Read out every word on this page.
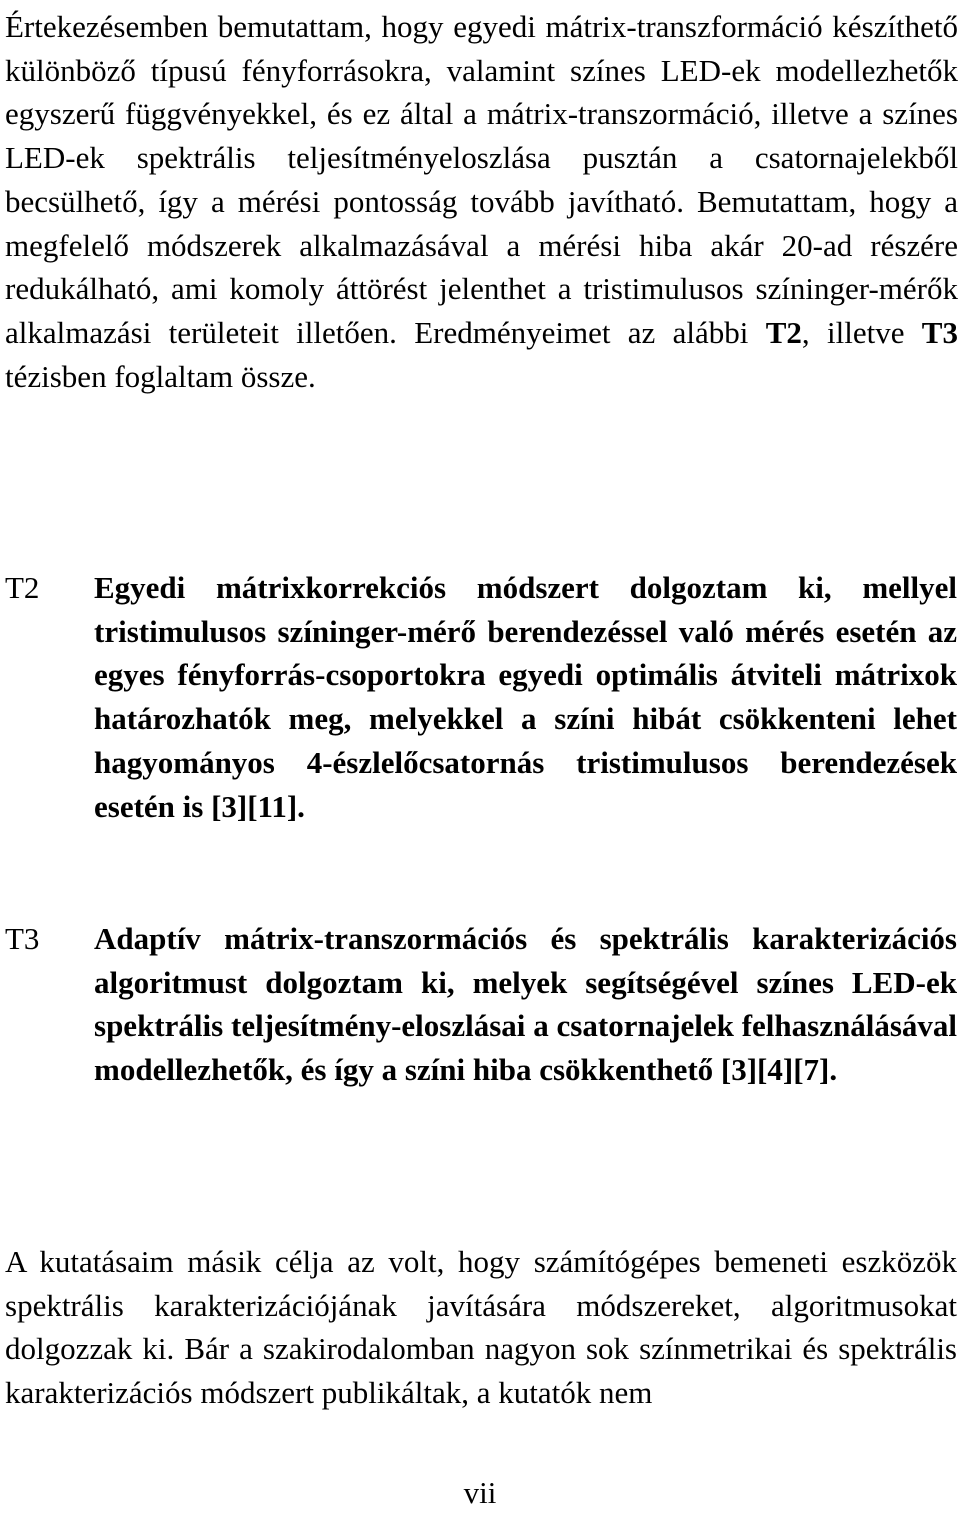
Értekezésemben bemutattam, hogy egyedi mátrix-transzformáció készíthető különböző típusú fényforrásokra, valamint színes LED-ek modellezhetők egyszerű függvényekkel, és ez által a mátrix-transzormáció, illetve a színes LED-ek spektrális teljesítményeloszlása pusztán a csatornajelekből becsülhető, így a mérési pontosság tovább javítható. Bemutattam, hogy a megfelelő módszerek alkalmazásával a mérési hiba akár 20-ad részére redukálható, ami komoly áttörést jelenthet a tristimulusos színinger-mérők alkalmazási területeit illetően. Eredményeimet az alábbi T2, illetve T3 tézisben foglaltam össze.

T2 Egyedi mátrixkorrekciós módszert dolgoztam ki, mellyel tristimulusos színinger-mérő berendezéssel való mérés esetén az egyes fényforrás-csoportokra egyedi optimális átviteli mátrixok határozhatók meg, melyekkel a színi hibát csökkenteni lehet hagyományos 4-észlelőcsatornás tristimulusos berendezések esetén is [3][11].

T3 Adaptív mátrix-transzormációs és spektrális karakterizációs algoritmust dolgoztam ki, melyek segítségével színes LED-ek spektrális teljesítmény-eloszlásai a csatornajelek felhasználásával modellezhetők, és így a színi hiba csökkenthető [3][4][7].

A kutatásaim másik célja az volt, hogy számítógépes bemeneti eszközök spektrális karakterizációjának javítására módszereket, algoritmusokat dolgozzak ki. Bár a szakirodalomban nagyon sok színmetrikai és spektrális karakterizációs módszert publikáltak, a kutatók nem

vii
